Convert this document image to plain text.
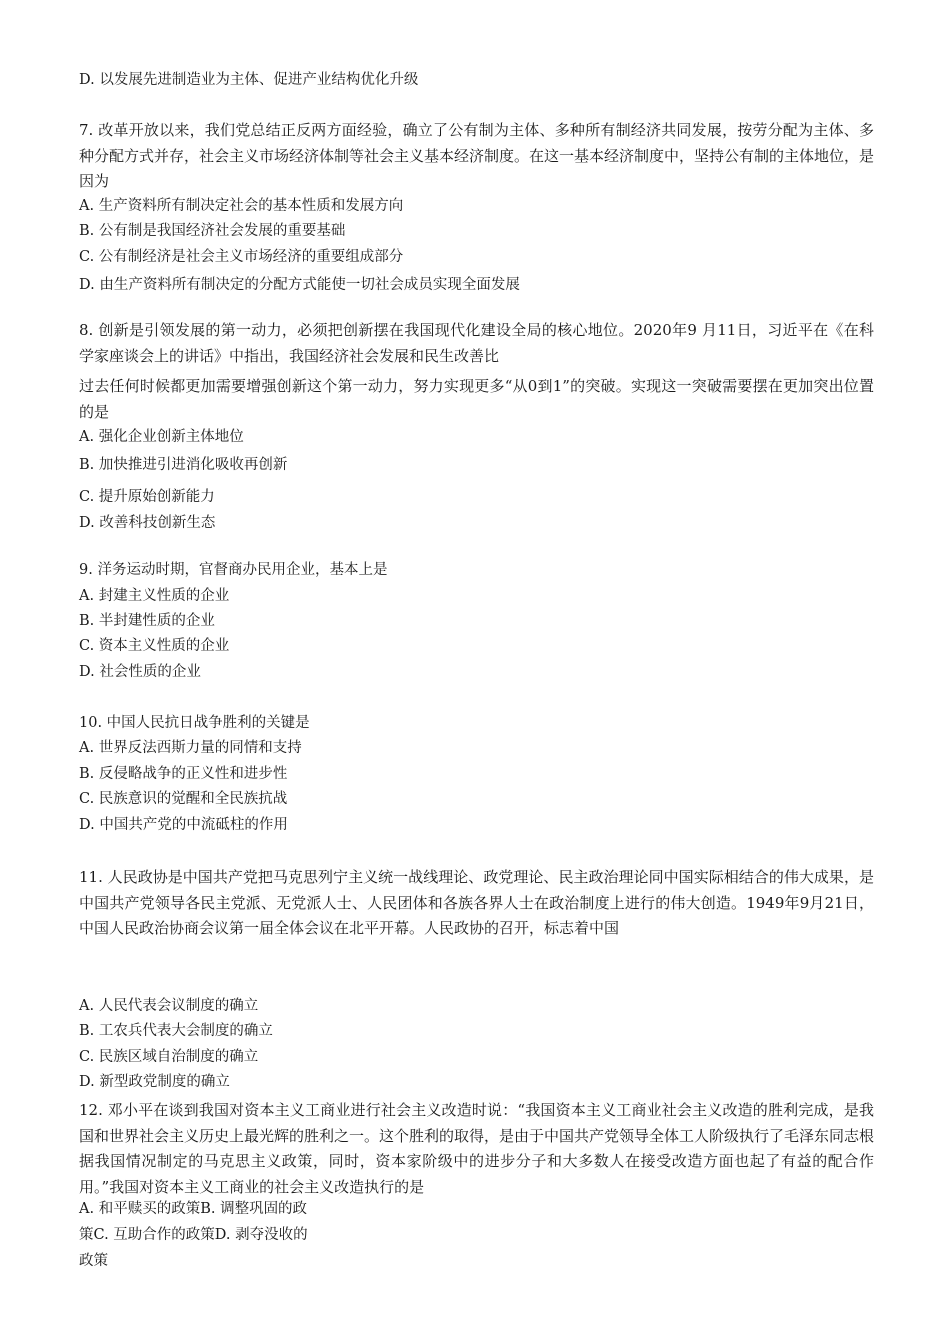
D. 以发展先进制造业为主体、促进产业结构优化升级
7. 改革开放以来，我们党总结正反两方面经验，确立了公有制为主体、多种所有制经济共同发展，按劳分配为主体、多种分配方式并存，社会主义市场经济体制等社会主义基本经济制度。在这一基本经济制度中，坚持公有制的主体地位，是因为
A. 生产资料所有制决定社会的基本性质和发展方向
B. 公有制是我国经济社会发展的重要基础
C. 公有制经济是社会主义市场经济的重要组成部分
D. 由生产资料所有制决定的分配方式能使一切社会成员实现全面发展
8. 创新是引领发展的第一动力，必须把创新摆在我国现代化建设全局的核心地位。2020年9 月11日，习近平在《在科学家座谈会上的讲话》中指出，我国经济社会发展和民生改善比
过去任何时候都更加需要增强创新这个第一动力，努力实现更多“从0到1”的突破。实现这一突破需要摆在更加突出位置的是
A. 强化企业创新主体地位
B. 加快推进引进消化吸收再创新
C. 提升原始创新能力
D. 改善科技创新生态
9. 洋务运动时期，官督商办民用企业，基本上是
A. 封建主义性质的企业
B. 半封建性质的企业
C. 资本主义性质的企业
D. 社会性质的企业
10. 中国人民抗日战争胜利的关键是
A. 世界反法西斯力量的同情和支持
B. 反侵略战争的正义性和进步性
C. 民族意识的觉醒和全民族抗战
D. 中国共产党的中流砥柱的作用
11. 人民政协是中国共产党把马克思列宁主义统一战线理论、政党理论、民主政治理论同中国实际相结合的伟大成果，是中国共产党领导各民主党派、无党派人士、人民团体和各族各界人士在政治制度上进行的伟大创造。1949年9月21日，中国人民政治协商会议第一届全体会议在北平开幕。人民政协的召开，标志着中国
A. 人民代表会议制度的确立
B. 工农兵代表大会制度的确立
C. 民族区域自治制度的确立
D. 新型政党制度的确立
12. 邓小平在谈到我国对资本主义工商业进行社会主义改造时说：“我国资本主义工商业社会主义改造的胜利完成，是我国和世界社会主义历史上最光辉的胜利之一。这个胜利的取得，是由于中国共产党领导全体工人阶级执行了毛泽东同志根据我国情况制定的马克思主义政策，同时，资本家阶级中的进步分子和大多数人在接受改造方面也起了有益的配合作用。”我国对资本主义工商业的社会主义改造执行的是
A. 和平赎买的政策B. 调整巩固的政
策C. 互助合作的政策D. 剥夺没收的
政策
